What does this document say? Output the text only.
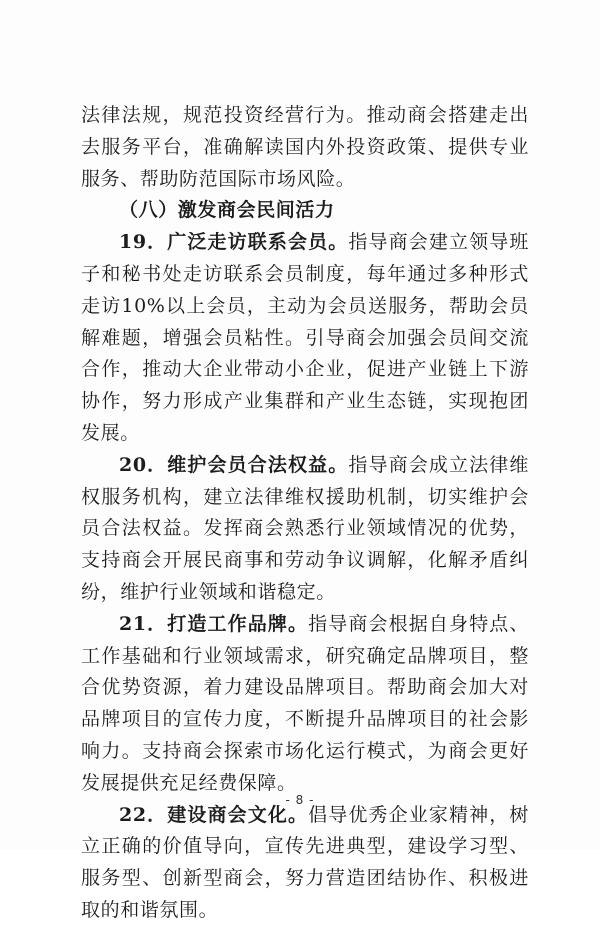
法律法规，规范投资经营行为。推动商会搭建走出去服务平台，准确解读国内外投资政策、提供专业服务、帮助防范国际市场风险。

（八）激发商会民间活力

19．广泛走访联系会员。指导商会建立领导班子和秘书处走访联系会员制度，每年通过多种形式走访10%以上会员，主动为会员送服务，帮助会员解难题，增强会员粘性。引导商会加强会员间交流合作，推动大企业带动小企业，促进产业链上下游协作，努力形成产业集群和产业生态链，实现抱团发展。

20．维护会员合法权益。指导商会成立法律维权服务机构，建立法律维权援助机制，切实维护会员合法权益。发挥商会熟悉行业领域情况的优势，支持商会开展民商事和劳动争议调解，化解矛盾纠纷，维护行业领域和谐稳定。

21．打造工作品牌。指导商会根据自身特点、工作基础和行业领域需求，研究确定品牌项目，整合优势资源，着力建设品牌项目。帮助商会加大对品牌项目的宣传力度，不断提升品牌项目的社会影响力。支持商会探索市场化运行模式，为商会更好发展提供充足经费保障。

22．建设商会文化。倡导优秀企业家精神，树立正确的价值导向，宣传先进典型，建设学习型、服务型、创新型商会，努力营造团结协作、积极进取的和谐氛围。

- 8 -
